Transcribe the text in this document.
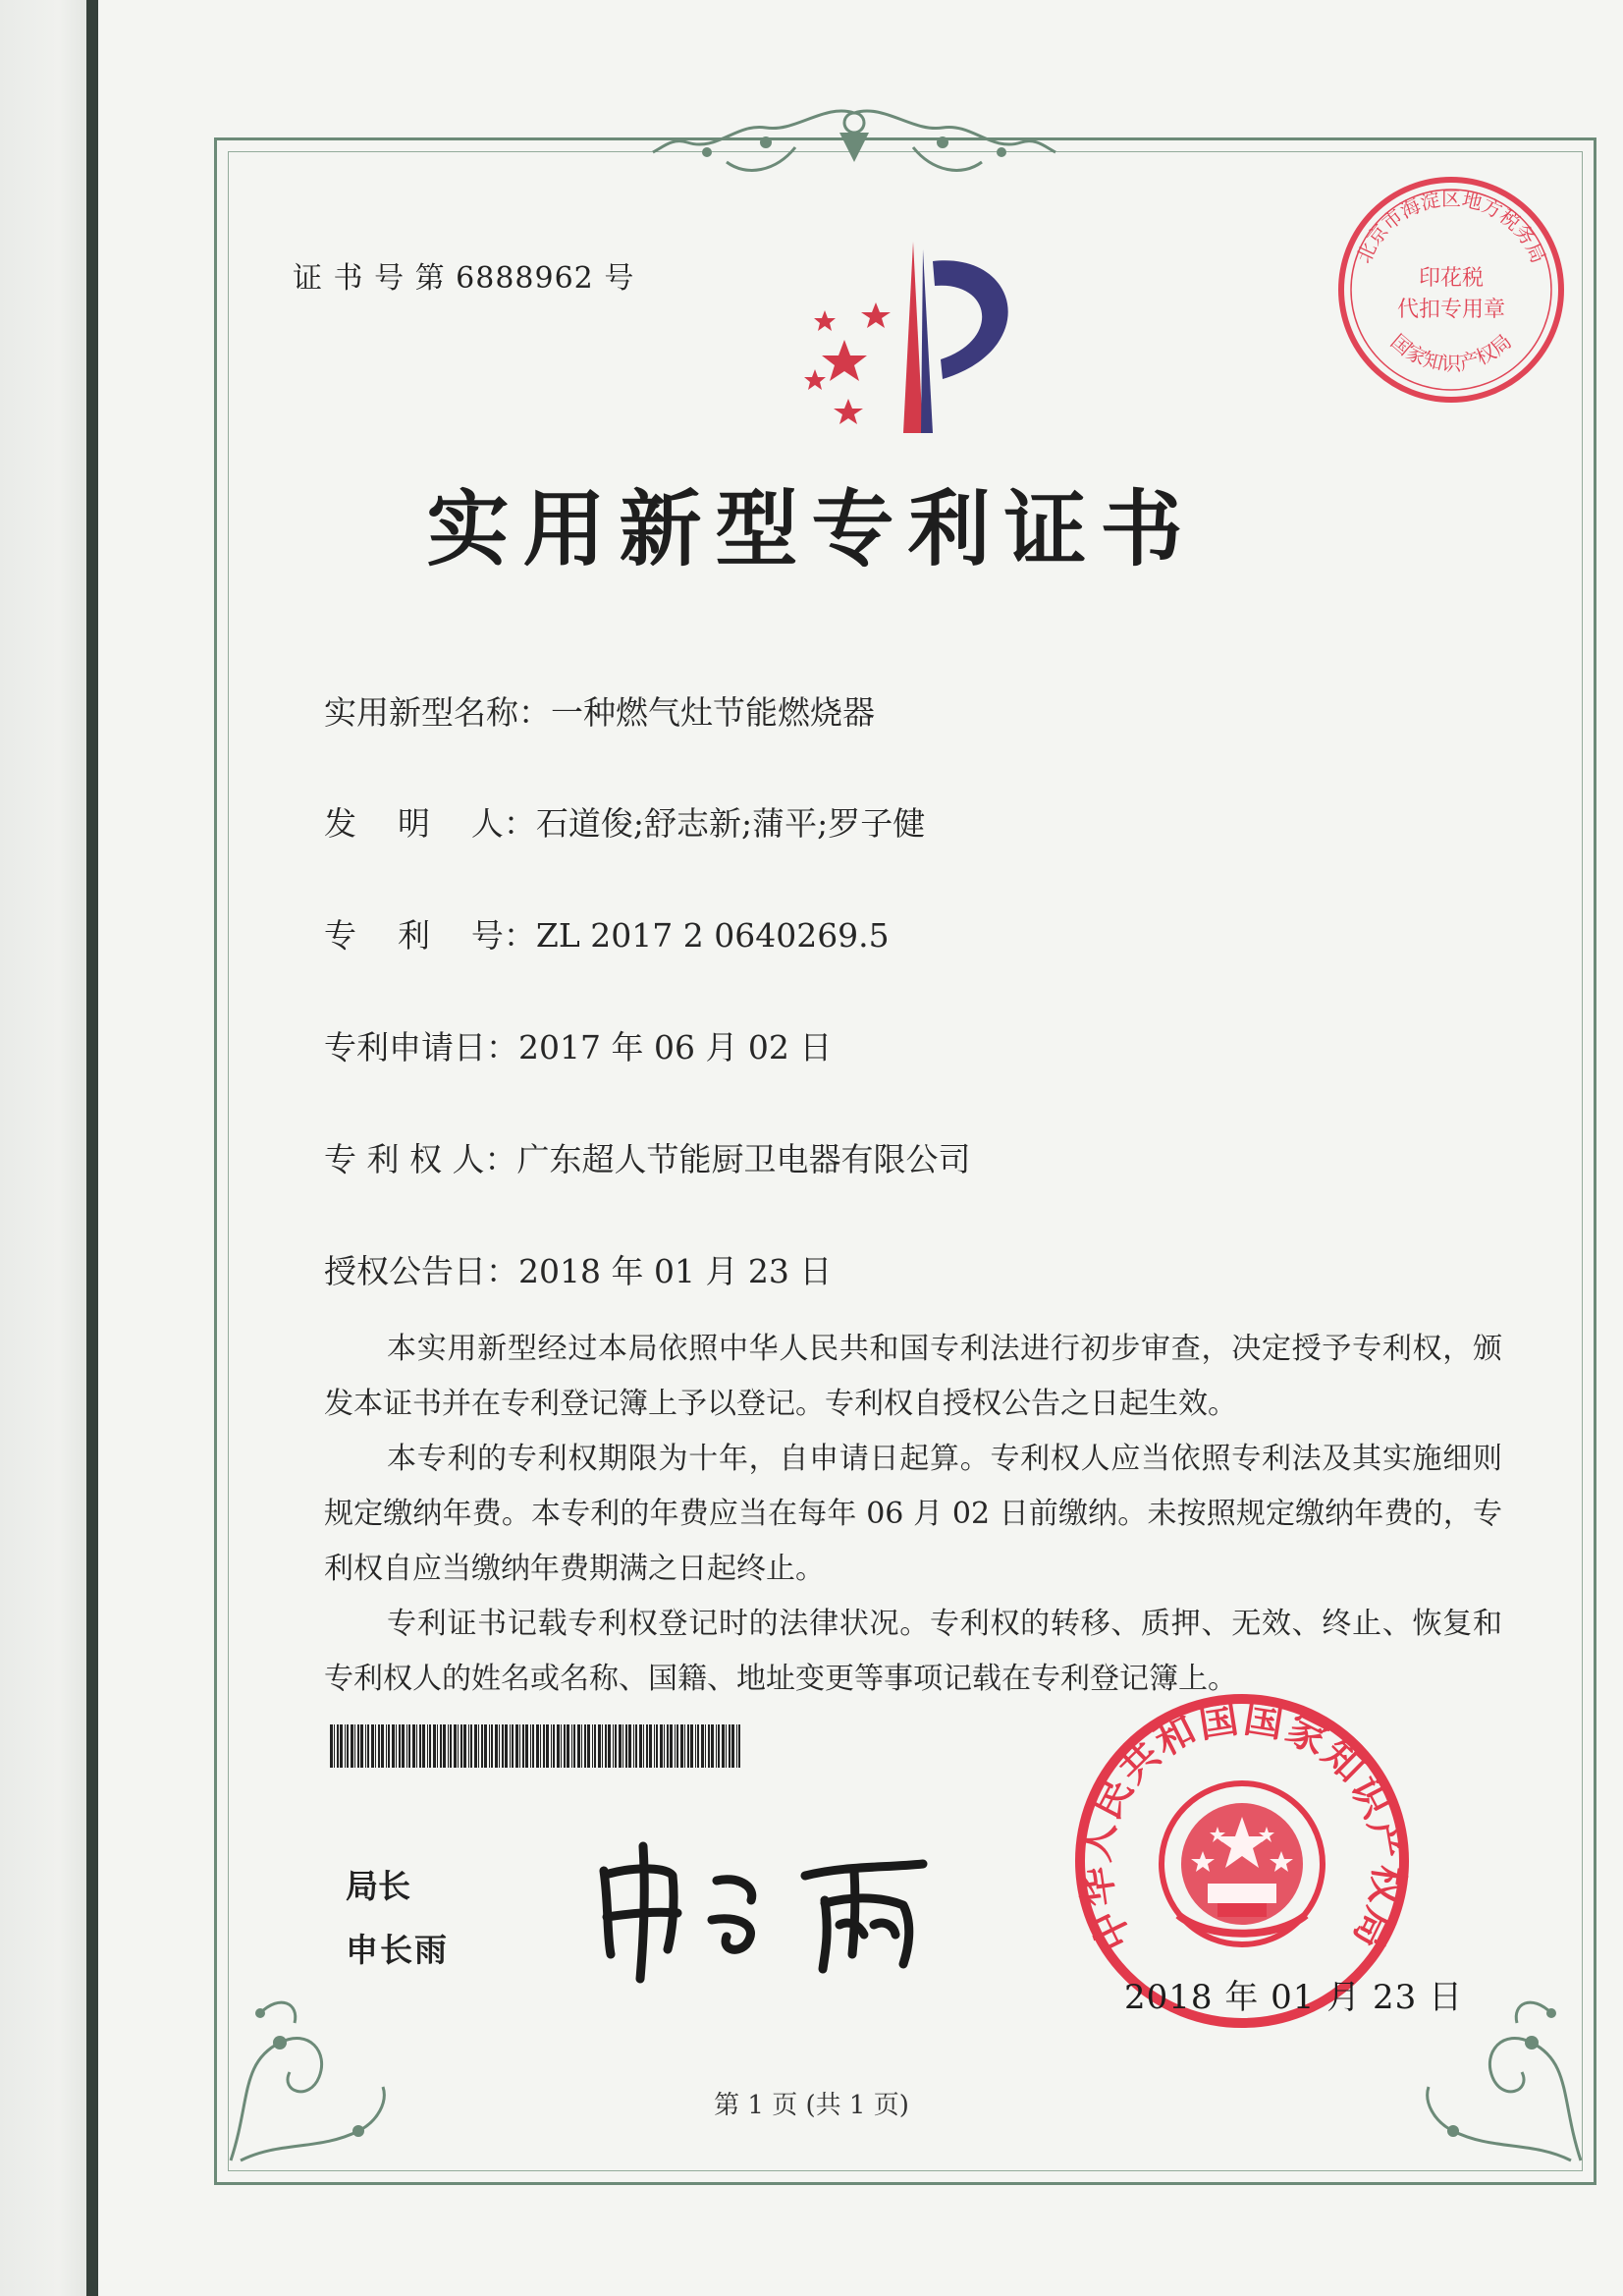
证 书 号 第 6888962 号
北京市海淀区地方税务局
印花税
代扣专用章
国家知识产权局
实用新型专利证书
实用新型名称：一种燃气灶节能燃烧器
发    明    人：石道俊;舒志新;蒲平;罗子健
专    利    号：ZL 2017 2 0640269.5
专利申请日：2017 年 06 月 02 日
专 利 权 人：广东超人节能厨卫电器有限公司
授权公告日：2018 年 01 月 23 日

本实用新型经过本局依照中华人民共和国专利法进行初步审查，决定授予专利权，颁发本证书并在专利登记簿上予以登记。专利权自授权公告之日起生效。

本专利的专利权期限为十年，自申请日起算。专利权人应当依照专利法及其实施细则规定缴纳年费。本专利的年费应当在每年 06 月 02 日前缴纳。未按照规定缴纳年费的，专利权自应当缴纳年费期满之日起终止。

专利证书记载专利权登记时的法律状况。专利权的转移、质押、无效、终止、恢复和专利权人的姓名或名称、国籍、地址变更等事项记载在专利登记簿上。

局长
申长雨	中华人民共和国国家知识产权局
2018 年 01 月 23 日
第 1 页 (共 1 页)
